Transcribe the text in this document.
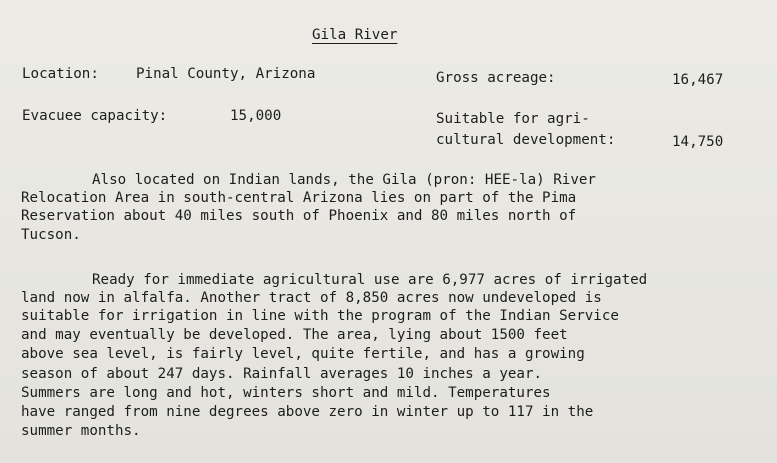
Gila River
Location:	Pinal County, Arizona	Gross acreage:	16,467
Evacuee capacity:	15,000	Suitable for agri-
cultural development:	14,750
Also located on Indian lands, the Gila (pron: HEE-la) River
Relocation Area in south-central Arizona lies on part of the Pima
Reservation about 40 miles south of Phoenix and 80 miles north of
Tucson.
Ready for immediate agricultural use are 6,977 acres of irrigated
land now in alfalfa. Another tract of 8,850 acres now undeveloped is
suitable for irrigation in line with the program of the Indian Service
and may eventually be developed. The area, lying about 1500 feet
above sea level, is fairly level, quite fertile, and has a growing
season of about 247 days. Rainfall averages 10 inches a year.
Summers are long and hot, winters short and mild. Temperatures
have ranged from nine degrees above zero in winter up to 117 in the
summer months.
